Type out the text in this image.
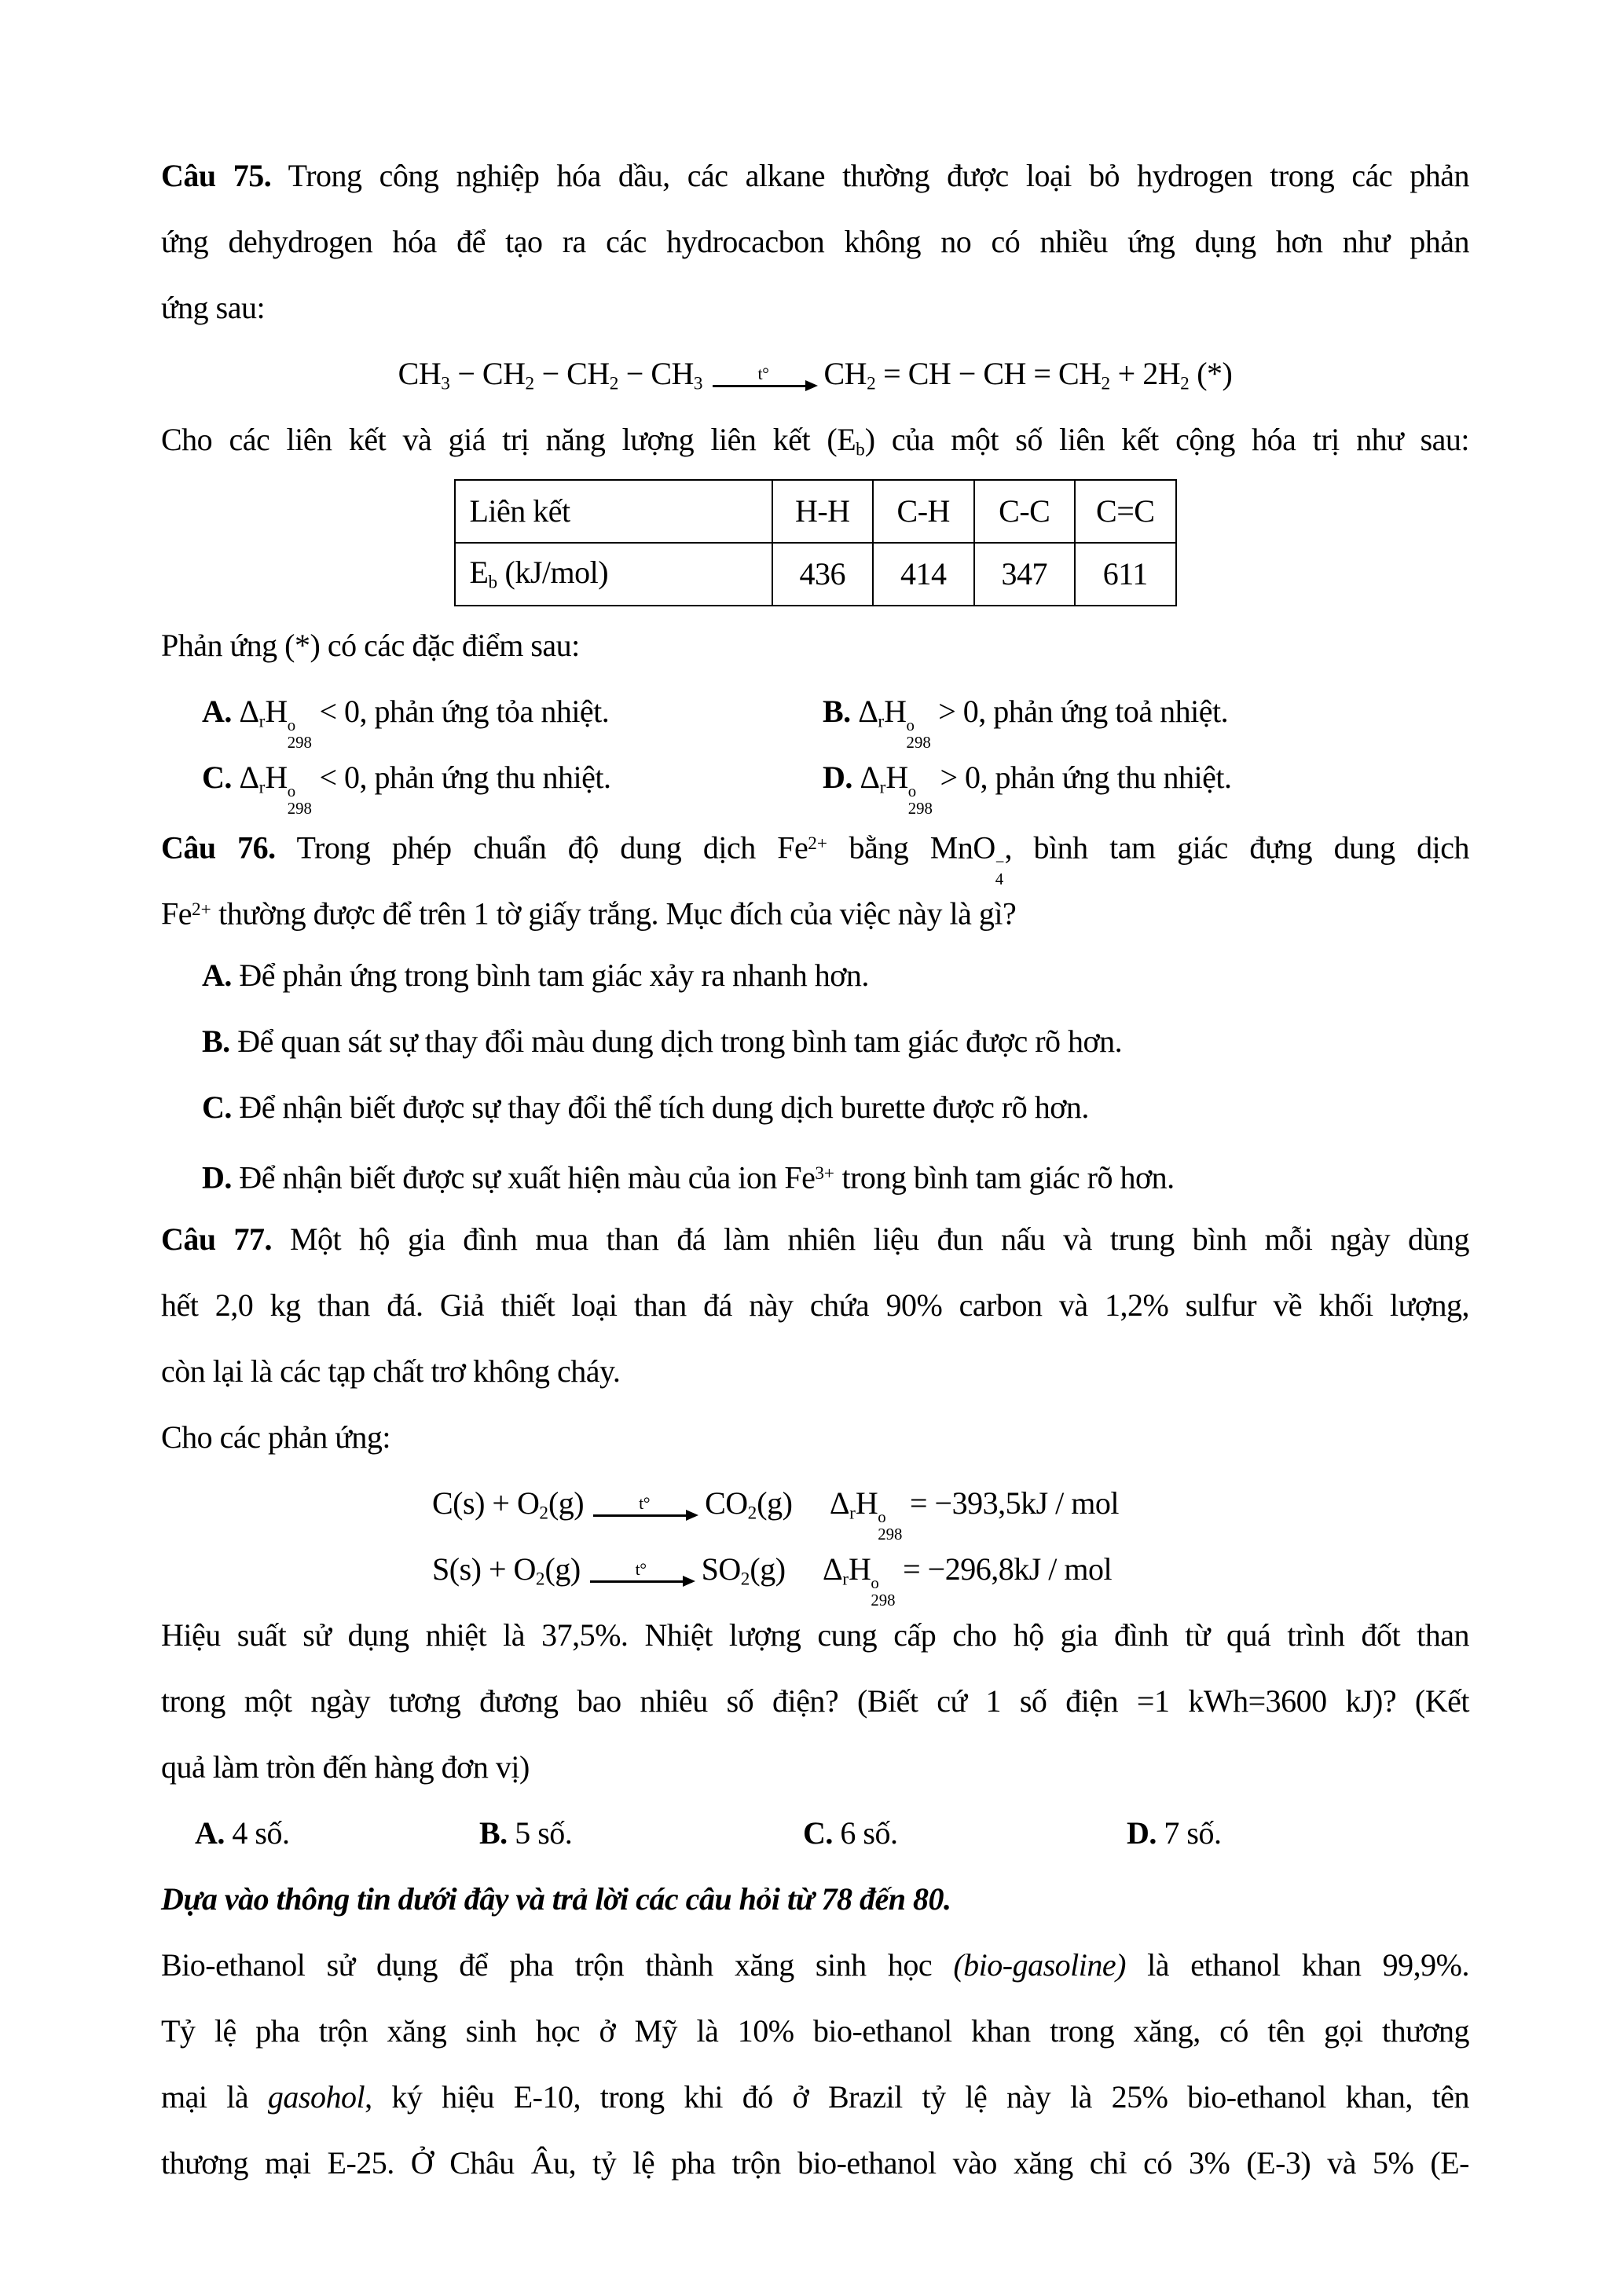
Câu 75. Trong công nghiệp hóa dầu, các alkane thường được loại bỏ hydrogen trong các phản
ứng dehydrogen hóa để tạo ra các hydrocacbon không no có nhiều ứng dụng hơn như phản
ứng sau:
$CH_3 - CH_2 - CH_2 - CH_3$	t° $CH_2$ = CH − CH = $CH_2 + 2H_2$ (*)
Cho các liên kết và giá trị năng lượng liên kết $(E_b)$ của một số liên kết cộng hóa trị như sau:
Liên kết	H-H	C-H	C-C	C=C
$E_b$ (kJ/mol)	436	414	347	611
Phản ứng (*) có các đặc điểm sau:
A. $\Delta_rH$ o
298
< 0, phản ứng tỏa nhiệt.	B. $\Delta_rH$ o
298
> 0, phản ứng toả nhiệt.
C. $\Delta_rH$ o
298
< 0, phản ứng thu nhiệt.	D. $\Delta_rH$ o
298
> 0, phản ứng thu nhiệt.
Câu 76. Trong phép chuẩn độ dung dịch $Fe^{2+}$ bằng MnO −
4
, bình tam giác đựng dung dịch
$Fe^{2+}$ thường được để trên 1 tờ giấy trắng. Mục đích của việc này là gì?
A. Để phản ứng trong bình tam giác xảy ra nhanh hơn.
B. Để quan sát sự thay đổi màu dung dịch trong bình tam giác được rõ hơn.
C. Để nhận biết được sự thay đổi thể tích dung dịch burette được rõ hơn.
D. Để nhận biết được sự xuất hiện màu của ion $Fe^{3+}$ trong bình tam giác rõ hơn.
Câu 77. Một hộ gia đình mua than đá làm nhiên liệu đun nấu và trung bình mỗi ngày dùng
hết 2,0 kg than đá. Giả thiết loại than đá này chứa 90% carbon và 1,2% sulfur về khối lượng,
còn lại là các tạp chất trơ không cháy.
Cho các phản ứng:
$C(s) + O_2(g)$	t° $CO_2(g)$ $\Delta_rH$ o
298
= −393,5kJ / mol
$S(s) + O_2(g)$	t° $SO_2(g)$ $\Delta_rH$ o
298
= −296,8kJ / mol
Hiệu suất sử dụng nhiệt là 37,5%. Nhiệt lượng cung cấp cho hộ gia đình từ quá trình đốt than
trong một ngày tương đương bao nhiêu số điện? (Biết cứ 1 số điện =1 kWh=3600 kJ)? (Kết
quả làm tròn đến hàng đơn vị)
A. 4 số.	B. 5 số.	C. 6 số.	D. 7 số.
Dựa vào thông tin dưới đây và trả lời các câu hỏi từ 78 đến 80.
Bio-ethanol sử dụng để pha trộn thành xăng sinh học (bio-gasoline) là ethanol khan 99,9%.
Tỷ lệ pha trộn xăng sinh học ở Mỹ là 10% bio-ethanol khan trong xăng, có tên gọi thương
mại là gasohol, ký hiệu E-10, trong khi đó ở Brazil tỷ lệ này là 25% bio-ethanol khan, tên
thương mại E-25. Ở Châu Âu, tỷ lệ pha trộn bio-ethanol vào xăng chỉ có 3% (E-3) và 5% (E-
